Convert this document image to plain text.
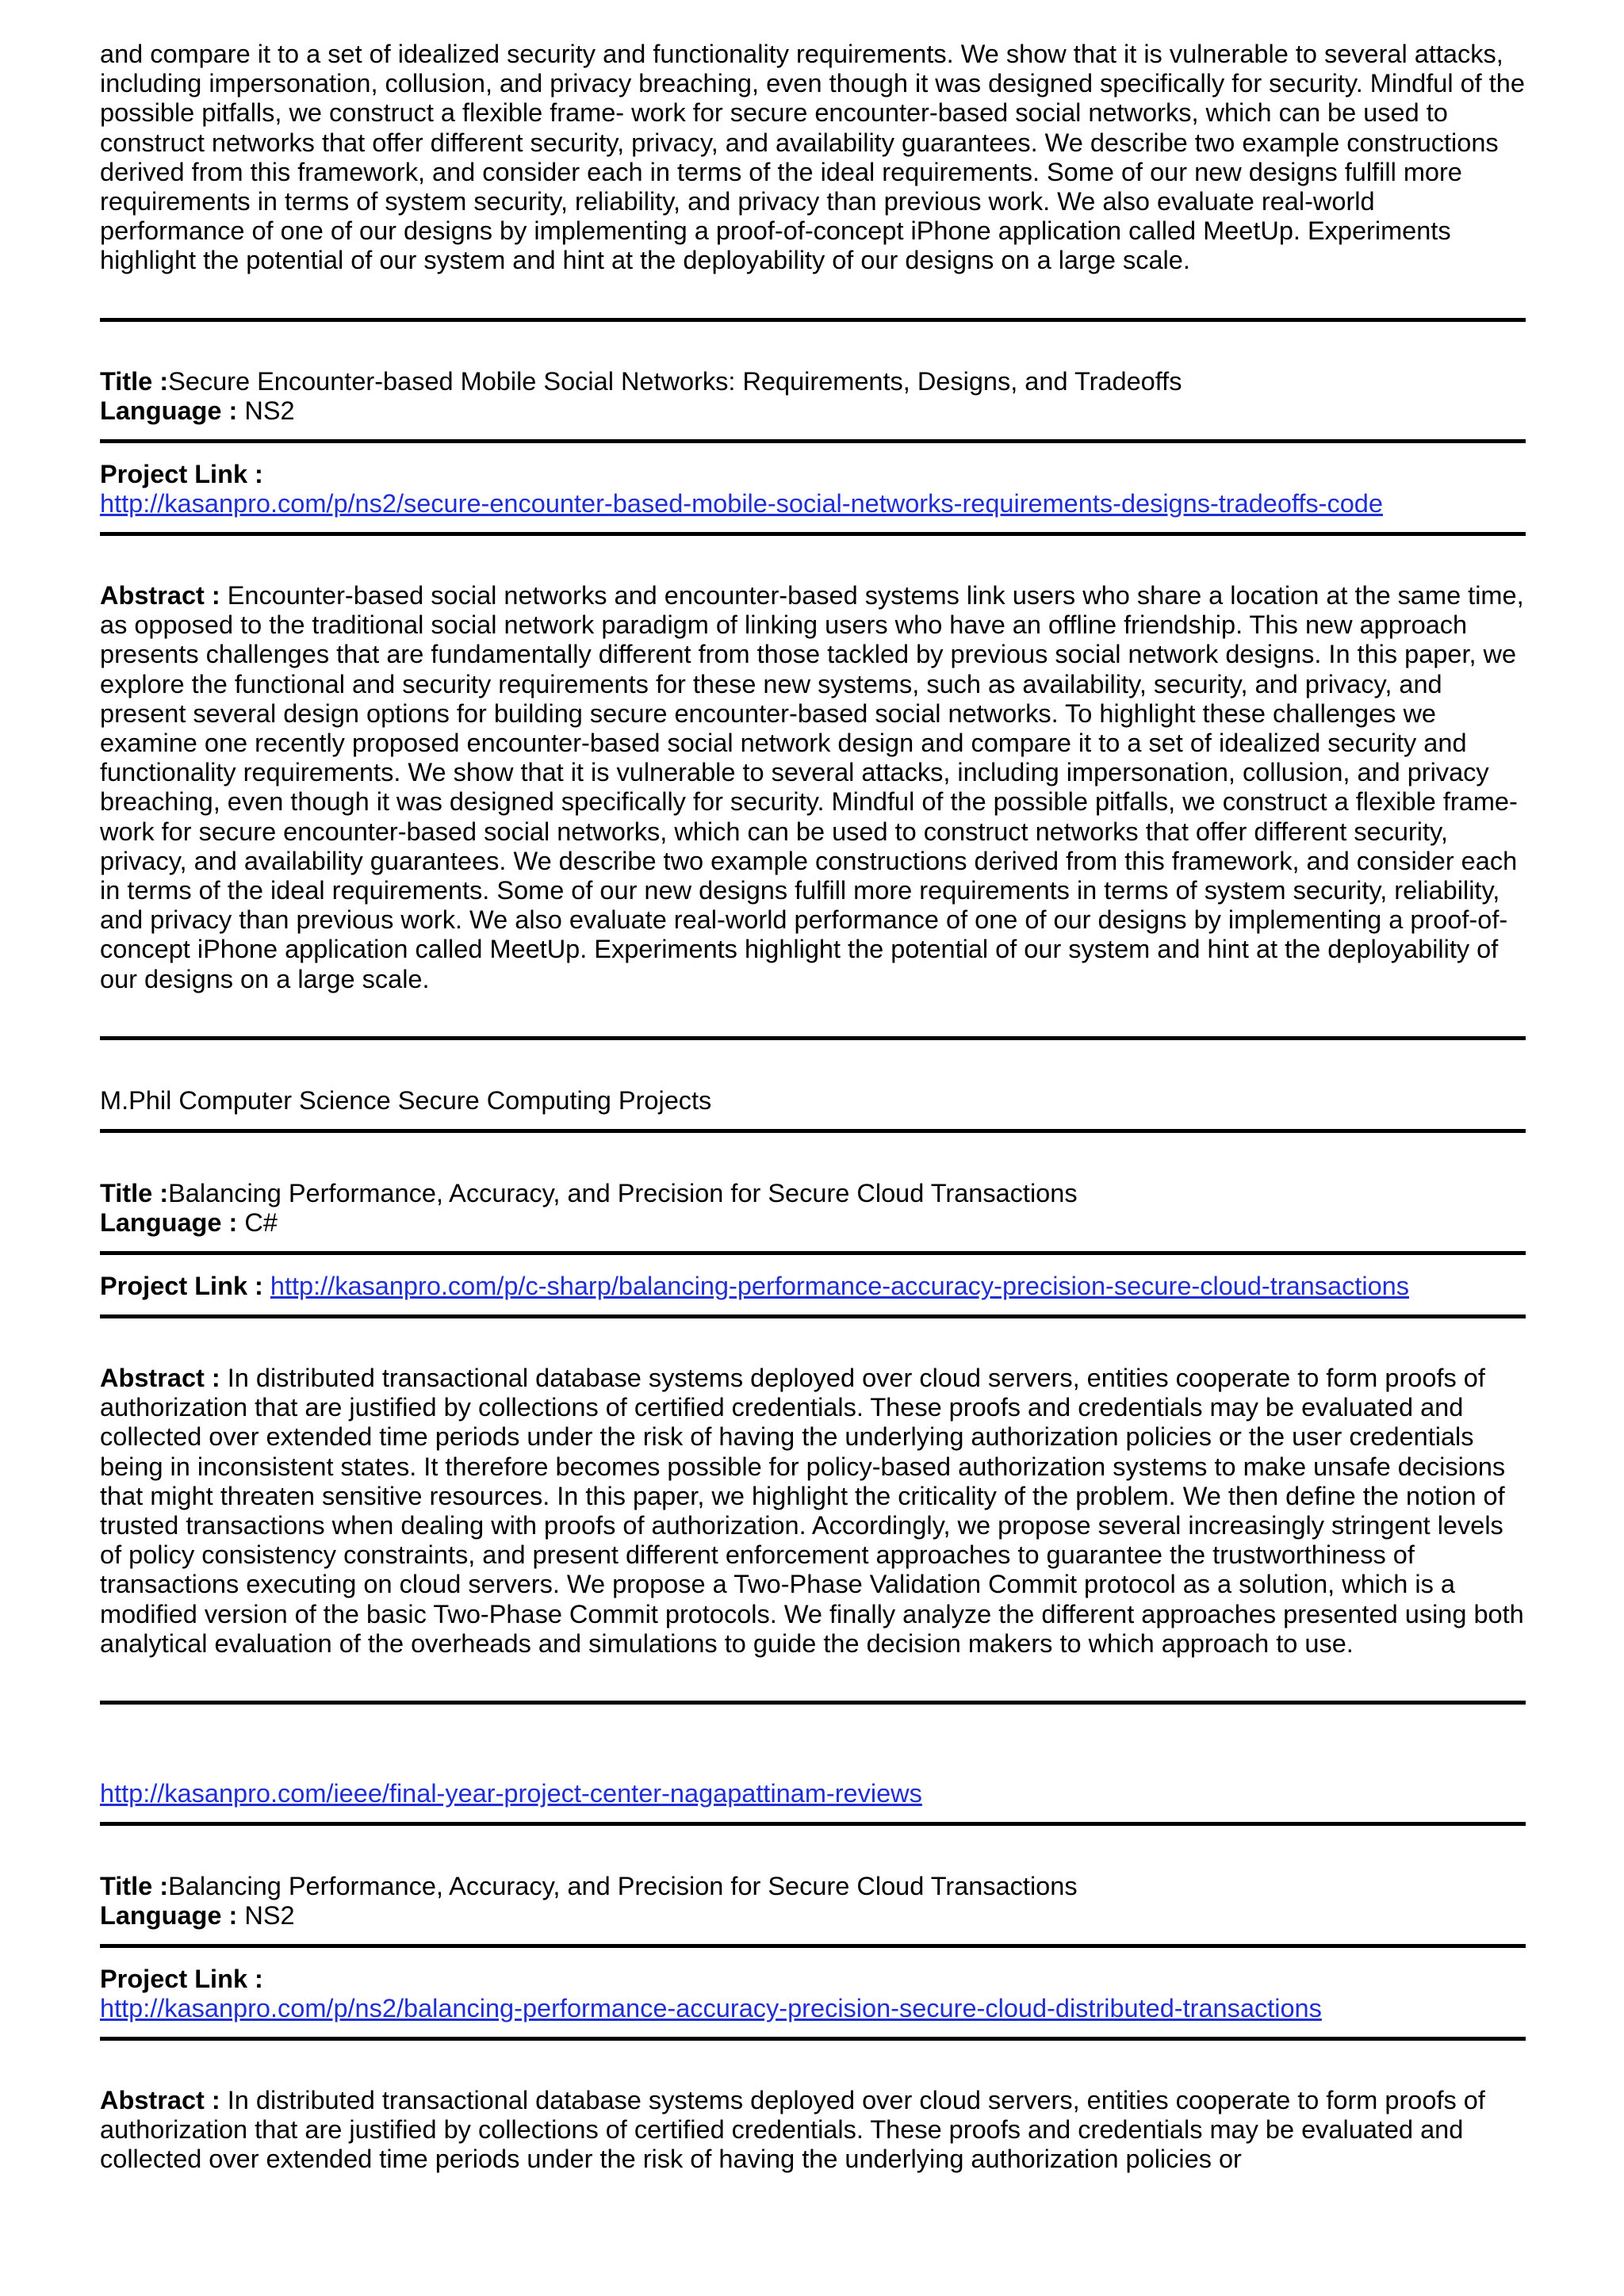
and compare it to a set of idealized security and functionality requirements. We show that it is vulnerable to several attacks, including impersonation, collusion, and privacy breaching, even though it was designed specifically for security. Mindful of the possible pitfalls, we construct a flexible frame- work for secure encounter-based social networks, which can be used to construct networks that offer different security, privacy, and availability guarantees. We describe two example constructions derived from this framework, and consider each in terms of the ideal requirements. Some of our new designs fulfill more requirements in terms of system security, reliability, and privacy than previous work. We also evaluate real-world performance of one of our designs by implementing a proof-of-concept iPhone application called MeetUp. Experiments highlight the potential of our system and hint at the deployability of our designs on a large scale.

Title :Secure Encounter-based Mobile Social Networks: Requirements, Designs, and Tradeoffs
Language : NS2
Project Link :
http://kasanpro.com/p/ns2/secure-encounter-based-mobile-social-networks-requirements-designs-tradeoffs-code

Abstract : Encounter-based social networks and encounter-based systems link users who share a location at the same time, as opposed to the traditional social network paradigm of linking users who have an offline friendship. This new approach presents challenges that are fundamentally different from those tackled by previous social network designs. In this paper, we explore the functional and security requirements for these new systems, such as availability, security, and privacy, and present several design options for building secure encounter-based social networks. To highlight these challenges we examine one recently proposed encounter-based social network design and compare it to a set of idealized security and functionality requirements. We show that it is vulnerable to several attacks, including impersonation, collusion, and privacy breaching, even though it was designed specifically for security. Mindful of the possible pitfalls, we construct a flexible frame- work for secure encounter-based social networks, which can be used to construct networks that offer different security, privacy, and availability guarantees. We describe two example constructions derived from this framework, and consider each in terms of the ideal requirements. Some of our new designs fulfill more requirements in terms of system security, reliability, and privacy than previous work. We also evaluate real-world performance of one of our designs by implementing a proof-of-concept iPhone application called MeetUp. Experiments highlight the potential of our system and hint at the deployability of our designs on a large scale.

M.Phil Computer Science Secure Computing Projects
Title :Balancing Performance, Accuracy, and Precision for Secure Cloud Transactions
Language : C#
Project Link : http://kasanpro.com/p/c-sharp/balancing-performance-accuracy-precision-secure-cloud-transactions

Abstract : In distributed transactional database systems deployed over cloud servers, entities cooperate to form proofs of authorization that are justified by collections of certified credentials. These proofs and credentials may be evaluated and collected over extended time periods under the risk of having the underlying authorization policies or the user credentials being in inconsistent states. It therefore becomes possible for policy-based authorization systems to make unsafe decisions that might threaten sensitive resources. In this paper, we highlight the criticality of the problem. We then define the notion of trusted transactions when dealing with proofs of authorization. Accordingly, we propose several increasingly stringent levels of policy consistency constraints, and present different enforcement approaches to guarantee the trustworthiness of transactions executing on cloud servers. We propose a Two-Phase Validation Commit protocol as a solution, which is a modified version of the basic Two-Phase Commit protocols. We finally analyze the different approaches presented using both analytical evaluation of the overheads and simulations to guide the decision makers to which approach to use.

http://kasanpro.com/ieee/final-year-project-center-nagapattinam-reviews
Title :Balancing Performance, Accuracy, and Precision for Secure Cloud Transactions
Language : NS2
Project Link :
http://kasanpro.com/p/ns2/balancing-performance-accuracy-precision-secure-cloud-distributed-transactions

Abstract : In distributed transactional database systems deployed over cloud servers, entities cooperate to form proofs of authorization that are justified by collections of certified credentials. These proofs and credentials may be evaluated and collected over extended time periods under the risk of having the underlying authorization policies or
